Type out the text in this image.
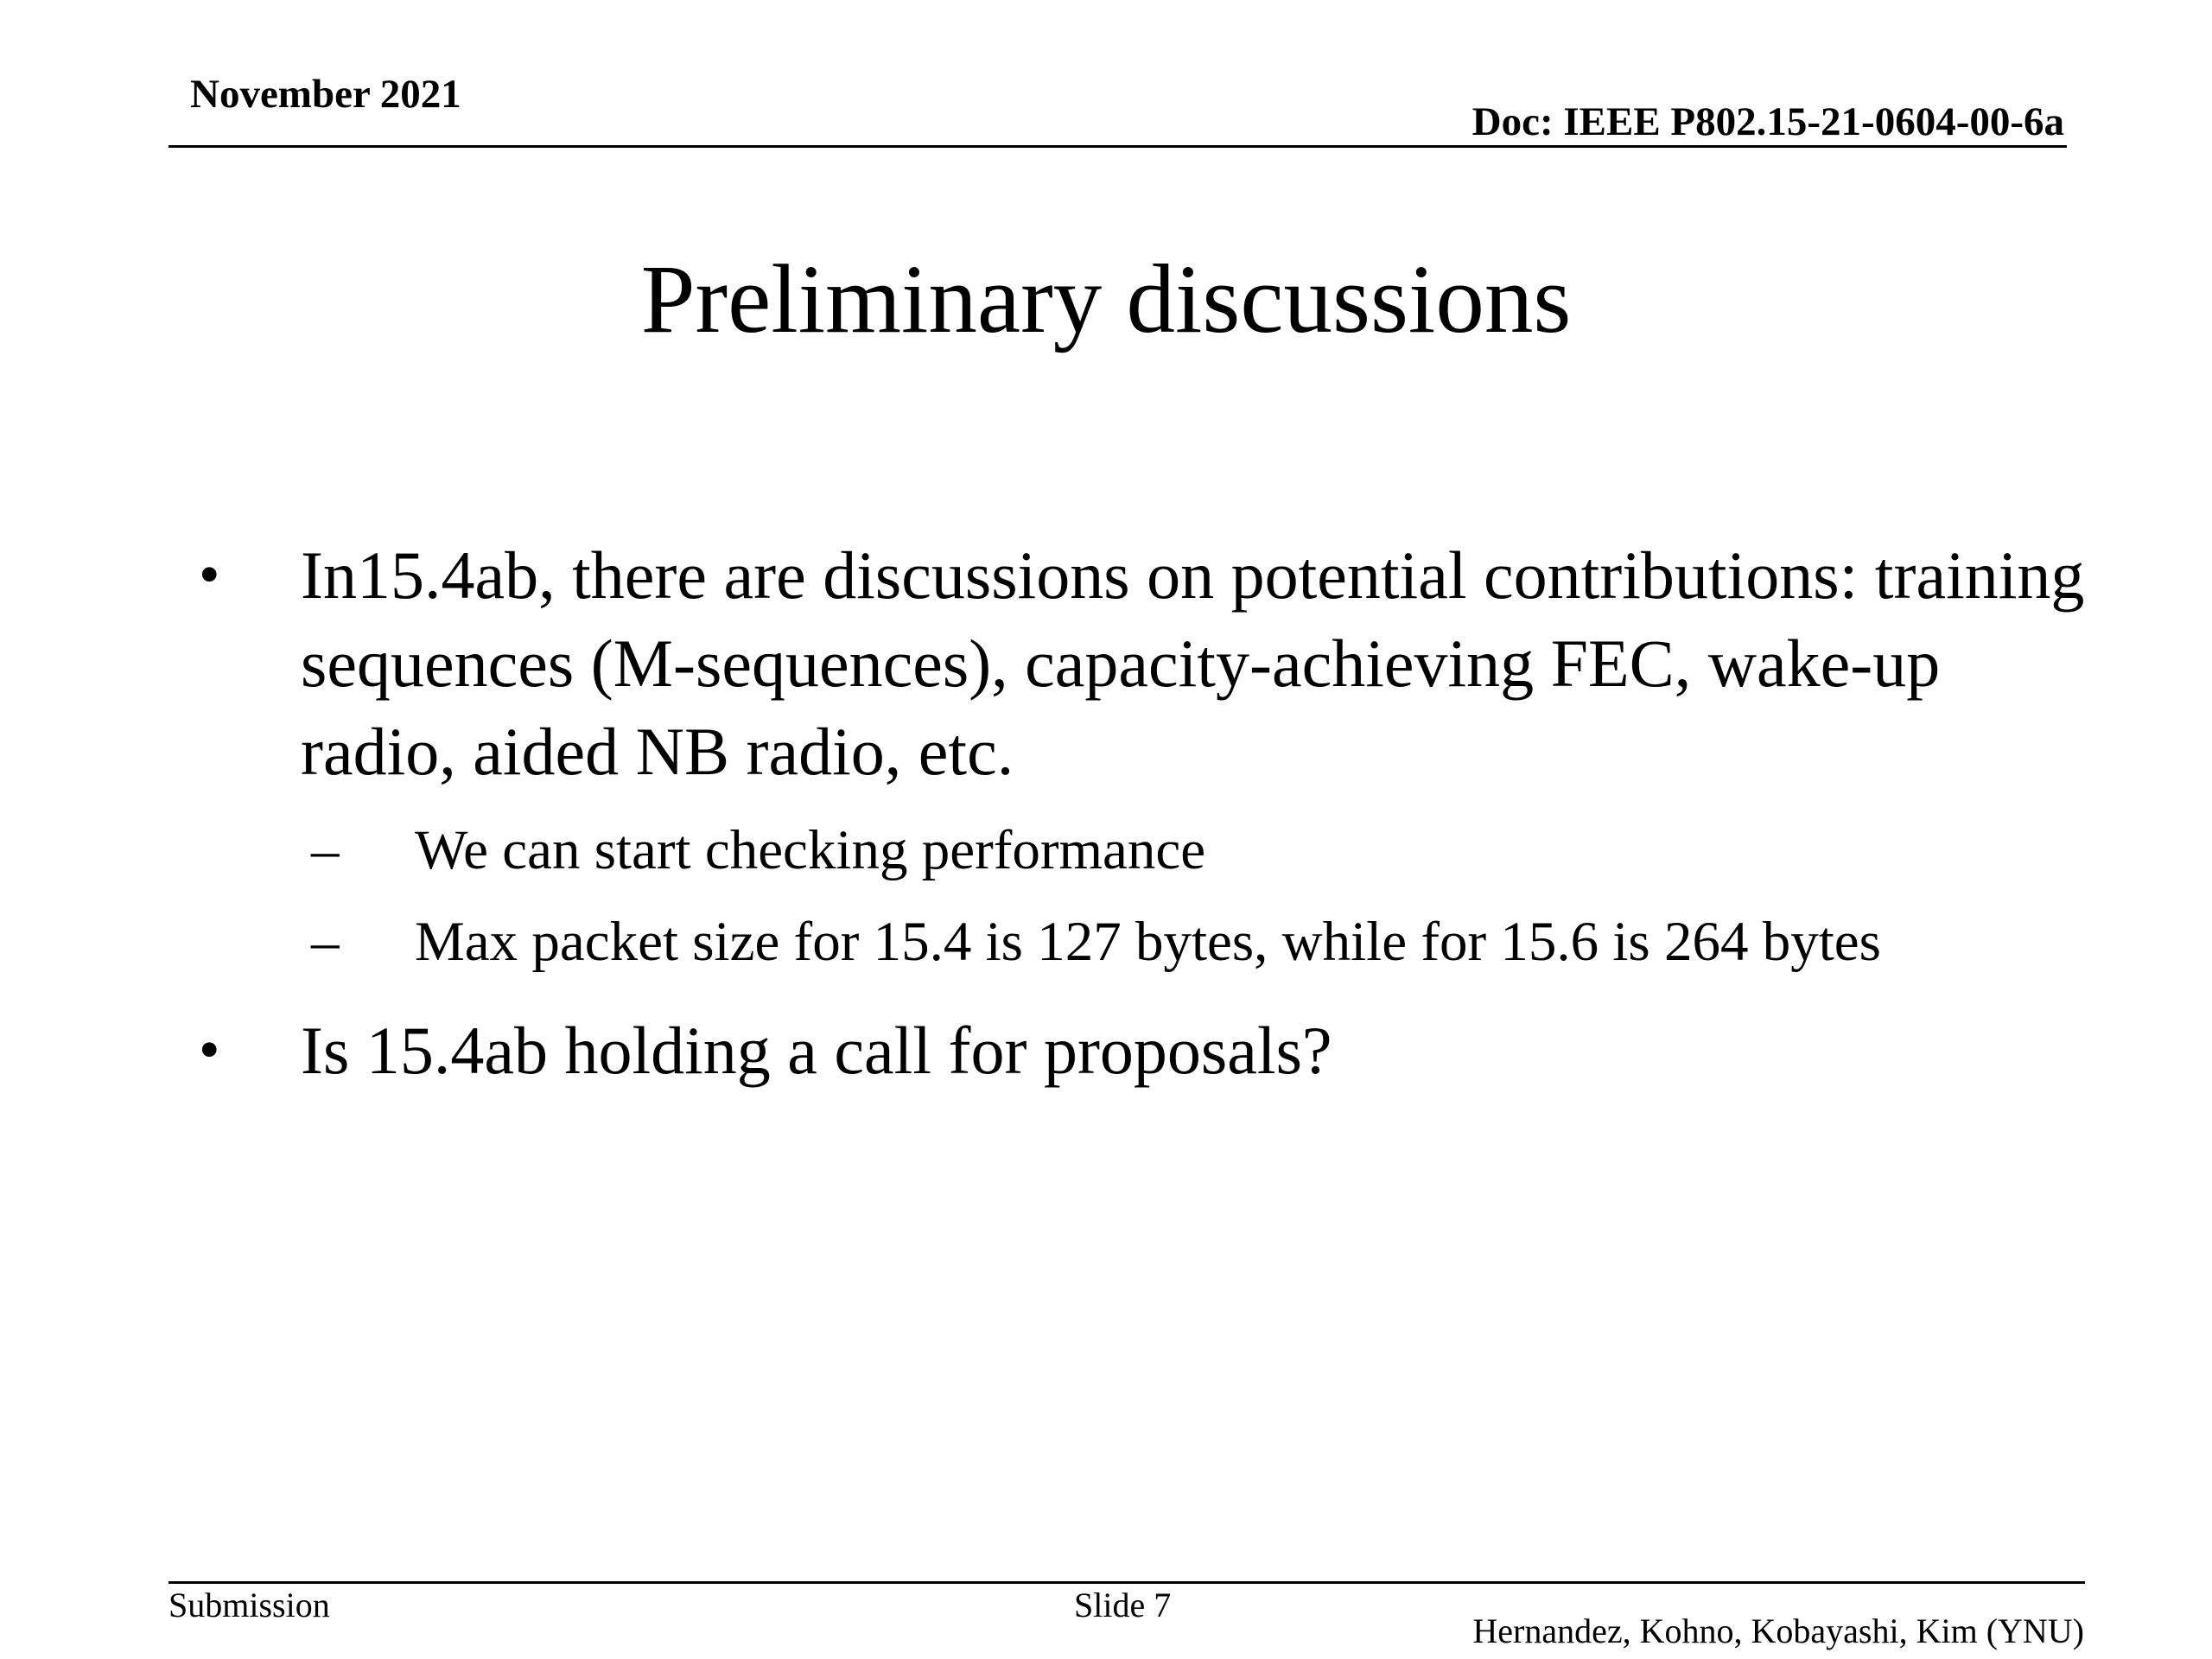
November 2021
Doc: IEEE P802.15-21-0604-00-6a
Preliminary discussions
• In15.4ab, there are discussions on potential contributions: training sequences (M-sequences), capacity-achieving FEC, wake-up radio, aided NB radio, etc.
– We can start checking performance
– Max packet size for 15.4 is 127 bytes, while for 15.6 is 264 bytes
• Is 15.4ab holding a call for proposals?
Submission	Slide 7
Hernandez, Kohno, Kobayashi, Kim (YNU)
